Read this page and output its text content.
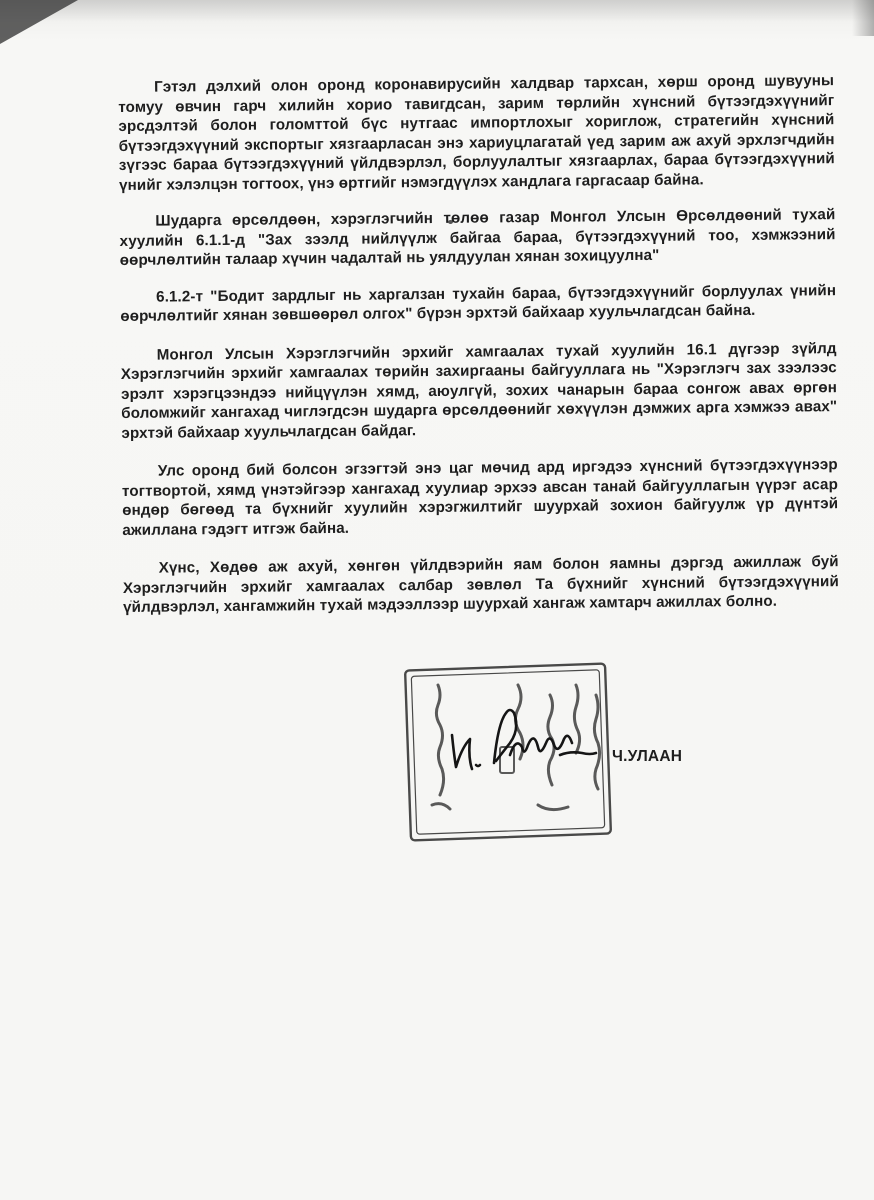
Гэтэл дэлхий олон оронд коронавирусийн халдвар тархсан, хөрш оронд шувууны томуу өвчин гарч хилийн хорио тавигдсан, зарим төрлийн хүнсний бүтээгдэхүүнийг эрсдэлтэй болон голомттой бүс нутгаас импортлохыг хориглож, стратегийн хүнсний бүтээгдэхүүний экспортыг хязгаарласан энэ хариуцлагатай үед зарим аж ахуй эрхлэгчдийн зүгээс бараа бүтээгдэхүүний үйлдвэрлэл, борлуулалтыг хязгаарлах, бараа бүтээгдэхүүний үнийг хэлэлцэн тогтоох, үнэ өртгийг нэмэгдүүлэх хандлага гаргасаар байна.

Шударга өрсөлдөөн, хэрэглэгчийн төлөө газар Монгол Улсын Өрсөлдөөний тухай хуулийн 6.1.1-д "Зах зээлд нийлүүлж байгаа бараа, бүтээгдэхүүний тоо, хэмжээний өөрчлөлтийн талаар хүчин чадалтай нь уялдуулан хянан зохицуулна"

6.1.2-т "Бодит зардлыг нь харгалзан тухайн бараа, бүтээгдэхүүнийг борлуулах үнийн өөрчлөлтийг хянан зөвшөөрөл олгох" бүрэн эрхтэй байхаар хуульчлагдсан байна.

Монгол Улсын Хэрэглэгчийн эрхийг хамгаалах тухай хуулийн 16.1 дүгээр зүйлд Хэрэглэгчийн эрхийг хамгаалах төрийн захиргааны байгууллага нь "Хэрэглэгч зах зээлээс эрэлт хэрэгцээндээ нийцүүлэн хямд, аюулгүй, зохих чанарын бараа сонгож авах өргөн боломжийг хангахад чиглэгдсэн шударга өрсөлдөөнийг хөхүүлэн дэмжих арга хэмжээ авах" эрхтэй байхаар хуульчлагдсан байдаг.

Улс оронд бий болсон эгзэгтэй энэ цаг мөчид ард иргэдээ хүнсний бүтээгдэхүүнээр тогтвортой, хямд үнэтэйгээр хангахад хуулиар эрхээ авсан танай байгууллагын үүрэг асар өндөр бөгөөд та бүхнийг хуулийн хэрэгжилтийг шуурхай зохион байгуулж үр дүнтэй ажиллана гэдэгт итгэж байна.

Хүнс, Хөдөө аж ахуй, хөнгөн үйлдвэрийн яам болон яамны дэргэд ажиллаж буй Хэрэглэгчийн эрхийг хамгаалах салбар зөвлөл Та бүхнийг хүнсний бүтээгдэхүүний үйлдвэрлэл, хангамжийн тухай мэдээллээр шуурхай хангаж хамтарч ажиллах болно.

Ч.УЛААН
